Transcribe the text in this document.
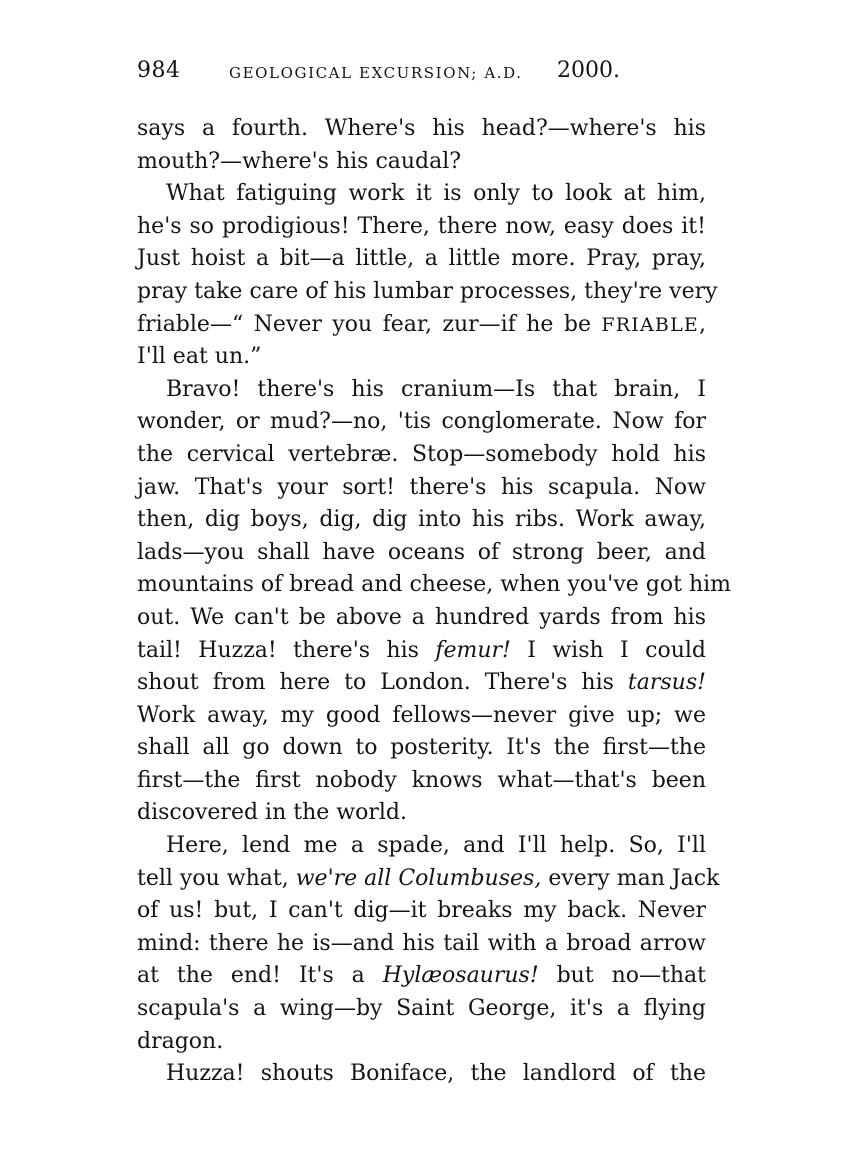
984	GEOLOGICAL EXCURSION; A.D. 2000.
says a fourth. Where's his head?—where's his
mouth?—where's his caudal?
What fatiguing work it is only to look at him,
he's so prodigious! There, there now, easy does it!
Just hoist a bit—a little, a little more. Pray, pray,
pray take care of his lumbar processes, they're very
friable—“ Never you fear, zur—if he be FRIABLE,
I'll eat un.”
Bravo! there's his cranium—Is that brain, I
wonder, or mud?—no, 'tis conglomerate. Now for
the cervical vertebræ. Stop—somebody hold his
jaw. That's your sort! there's his scapula. Now
then, dig boys, dig, dig into his ribs. Work away,
lads—you shall have oceans of strong beer, and
mountains of bread and cheese, when you've got him
out. We can't be above a hundred yards from his
tail! Huzza! there's his femur! I wish I could
shout from here to London. There's his tarsus!
Work away, my good fellows—never give up; we
shall all go down to posterity. It's the first—the
first—the first nobody knows what—that's been
discovered in the world.
Here, lend me a spade, and I'll help. So, I'll
tell you what, we're all Columbuses, every man Jack
of us! but, I can't dig—it breaks my back. Never
mind: there he is—and his tail with a broad arrow
at the end! It's a Hylæosaurus! but no—that
scapula's a wing—by Saint George, it's a flying
dragon.
Huzza! shouts Boniface, the landlord of the
